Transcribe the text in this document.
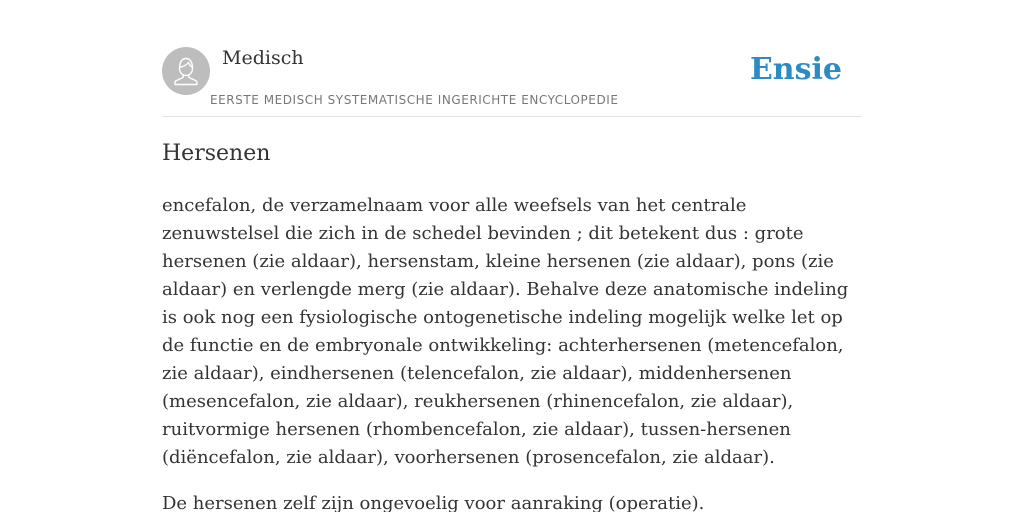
Medisch
EERSTE MEDISCH SYSTEMATISCHE INGERICHTE ENCYCLOPEDIE
Ensie
Hersenen

encefalon, de verzamelnaam voor alle weefsels van het centrale zenuwstelsel die zich in de schedel bevinden ; dit betekent dus : grote hersenen (zie aldaar), hersenstam, kleine hersenen (zie aldaar), pons (zie aldaar) en verlengde merg (zie aldaar). Behalve deze anatomische indeling is ook nog een fysiologische ontogenetische indeling mogelijk welke let op de functie en de embryonale ontwikkeling: achterhersenen (metencefalon, zie aldaar), eindhersenen (telencefalon, zie aldaar), middenhersenen (mesencefalon, zie aldaar), reukhersenen (rhinencefalon, zie aldaar), ruitvormige hersenen (rhombencefalon, zie aldaar), tussen-hersenen (diëncefalon, zie aldaar), voorhersenen (prosencefalon, zie aldaar).

De hersenen zelf zijn ongevoelig voor aanraking (operatie).
